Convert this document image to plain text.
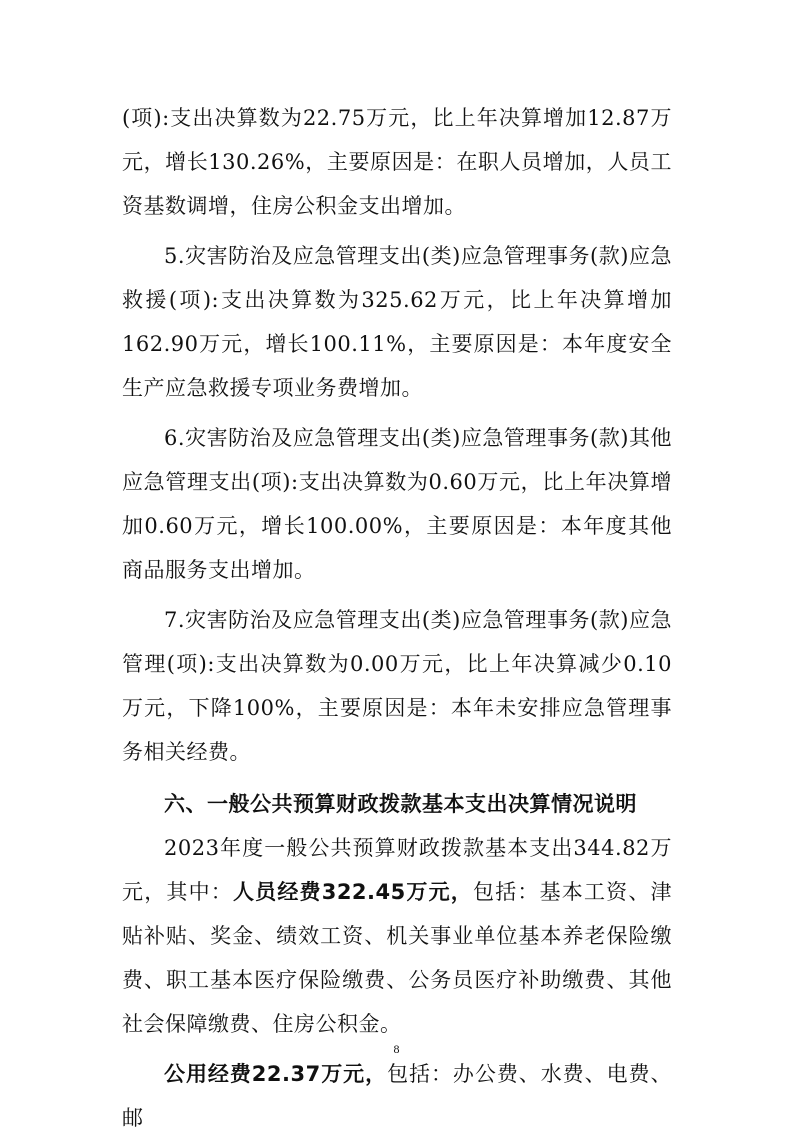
(项):支出决算数为22.75万元，比上年决算增加12.87万元，增长130.26%，主要原因是：在职人员增加，人员工资基数调增，住房公积金支出增加。

5.灾害防治及应急管理支出(类)应急管理事务(款)应急救援(项):支出决算数为325.62万元，比上年决算增加162.90万元，增长100.11%，主要原因是：本年度安全生产应急救援专项业务费增加。

6.灾害防治及应急管理支出(类)应急管理事务(款)其他应急管理支出(项):支出决算数为0.60万元，比上年决算增加0.60万元，增长100.00%，主要原因是：本年度其他商品服务支出增加。

7.灾害防治及应急管理支出(类)应急管理事务(款)应急管理(项):支出决算数为0.00万元，比上年决算减少0.10万元，下降100%，主要原因是：本年未安排应急管理事务相关经费。

六、一般公共预算财政拨款基本支出决算情况说明

2023年度一般公共预算财政拨款基本支出344.82万元，其中：人员经费322.45万元，包括：基本工资、津贴补贴、奖金、绩效工资、机关事业单位基本养老保险缴费、职工基本医疗保险缴费、公务员医疗补助缴费、其他社会保障缴费、住房公积金。

公用经费22.37万元，包括：办公费、水费、电费、邮

8
